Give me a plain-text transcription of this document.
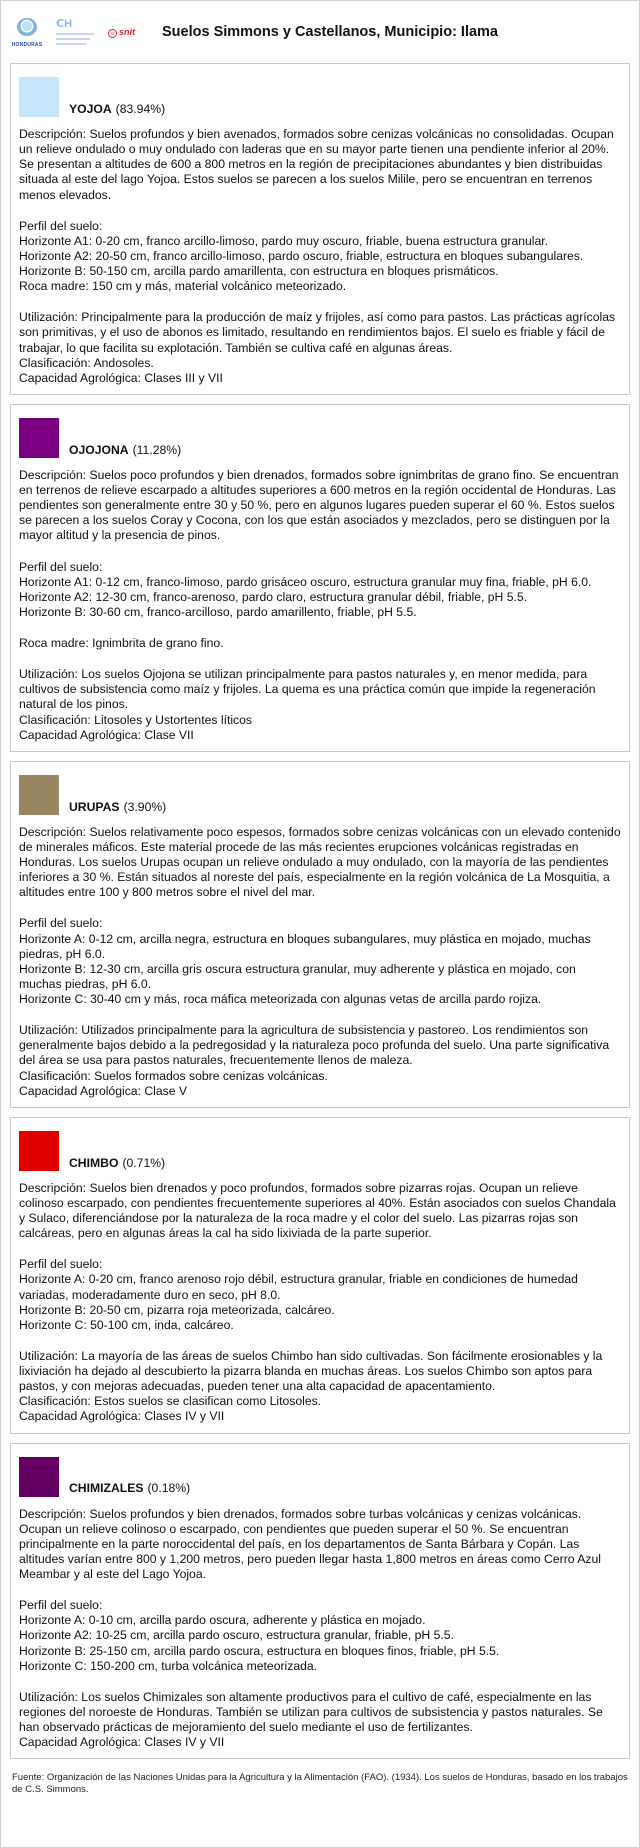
HONDURAS
ⅭH
snit Suelos Simmons y Castellanos, Municipio: Ilama
YOJOA (83.94%)
Descripción: Suelos profundos y bien avenados, formados sobre cenizas volcánicas no consolidadas. Ocupan un relieve ondulado o muy ondulado con laderas que en su mayor parte tienen una pendiente inferior al 20%. Se presentan a altitudes de 600 a 800 metros en la región de precipitaciones abundantes y bien distribuidas situada al este del lago Yojoa. Estos suelos se parecen a los suelos Milile, pero se encuentran en terrenos menos elevados.
Perfil del suelo:
Horizonte A1: 0-20 cm, franco arcillo-limoso, pardo muy oscuro, friable, buena estructura granular.
Horizonte A2: 20-50 cm, franco arcillo-limoso, pardo oscuro, friable, estructura en bloques subangulares.
Horizonte B: 50-150 cm, arcilla pardo amarillenta, con estructura en bloques prismáticos.
Roca madre: 150 cm y más, material volcánico meteorizado.
Utilización: Principalmente para la producción de maíz y frijoles, así como para pastos. Las prácticas agrícolas son primitivas, y el uso de abonos es limitado, resultando en rendimientos bajos. El suelo es friable y fácil de trabajar, lo que facilita su explotación. También se cultiva café en algunas áreas.
Clasificación: Andosoles.
Capacidad Agrológica: Clases III y VII
OJOJONA (11.28%)
Descripción: Suelos poco profundos y bien drenados, formados sobre ignimbritas de grano fino. Se encuentran en terrenos de relieve escarpado a altitudes superiores a 600 metros en la región occidental de Honduras. Las pendientes son generalmente entre 30 y 50 %, pero en algunos lugares pueden superar el 60 %. Estos suelos se parecen a los suelos Coray y Cocona, con los que están asociados y mezclados, pero se distinguen por la mayor altitud y la presencia de pinos.
Perfil del suelo:
Horizonte A1: 0-12 cm, franco-limoso, pardo grisáceo oscuro, estructura granular muy fina, friable, pH 6.0.
Horizonte A2: 12-30 cm, franco-arenoso, pardo claro, estructura granular débil, friable, pH 5.5.
Horizonte B: 30-60 cm, franco-arcilloso, pardo amarillento, friable, pH 5.5.
Roca madre: Ignimbrita de grano fino.
Utilización: Los suelos Ojojona se utilizan principalmente para pastos naturales y, en menor medida, para cultivos de subsistencia como maíz y frijoles. La quema es una práctica común que impide la regeneración natural de los pinos.
Clasificación: Litosoles y Ustortentes líticos
Capacidad Agrológica: Clase VII
URUPAS (3.90%)
Descripción: Suelos relativamente poco espesos, formados sobre cenizas volcánicas con un elevado contenido de minerales máficos. Este material procede de las más recientes erupciones volcánicas registradas en Honduras. Los suelos Urupas ocupan un relieve ondulado a muy ondulado, con la mayoría de las pendientes inferiores a 30 %. Están situados al noreste del país, especialmente en la región volcánica de La Mosquitia, a altitudes entre 100 y 800 metros sobre el nivel del mar.
Perfil del suelo:
Horizonte A: 0-12 cm, arcilla negra, estructura en bloques subangulares, muy plástica en mojado, muchas piedras, pH 6.0.
Horizonte B: 12-30 cm, arcilla gris oscura estructura granular, muy adherente y plástica en mojado, con muchas piedras, pH 6.0.
Horizonte C: 30-40 cm y más, roca máfica meteorizada con algunas vetas de arcilla pardo rojiza.
Utilización: Utilizados principalmente para la agricultura de subsistencia y pastoreo. Los rendimientos son generalmente bajos debido a la pedregosidad y la naturaleza poco profunda del suelo. Una parte significativa del área se usa para pastos naturales, frecuentemente llenos de maleza.
Clasificación: Suelos formados sobre cenizas volcánicas.
Capacidad Agrológica: Clase V
CHIMBO (0.71%)
Descripción: Suelos bien drenados y poco profundos, formados sobre pizarras rojas. Ocupan un relieve colinoso escarpado, con pendientes frecuentemente superiores al 40%. Están asociados con suelos Chandala y Sulaco, diferenciándose por la naturaleza de la roca madre y el color del suelo. Las pizarras rojas son calcáreas, pero en algunas áreas la cal ha sido lixiviada de la parte superior.
Perfil del suelo:
Horizonte A: 0-20 cm, franco arenoso rojo débil, estructura granular, friable en condiciones de humedad variadas, moderadamente duro en seco, pH 8.0.
Horizonte B: 20-50 cm, pizarra roja meteorizada, calcáreo.
Horizonte C: 50-100 cm, inda, calcáreo.
Utilización: La mayoría de las áreas de suelos Chimbo han sido cultivadas. Son fácilmente erosionables y la lixiviación ha dejado al descubierto la pizarra blanda en muchas áreas. Los suelos Chimbo son aptos para pastos, y con mejoras adecuadas, pueden tener una alta capacidad de apacentamiento.
Clasificación: Estos suelos se clasifican como Litosoles.
Capacidad Agrológica: Clases IV y VII
CHIMIZALES (0.18%)
Descripción: Suelos profundos y bien drenados, formados sobre turbas volcánicas y cenizas volcánicas. Ocupan un relieve colinoso o escarpado, con pendientes que pueden superar el 50 %. Se encuentran principalmente en la parte noroccidental del país, en los departamentos de Santa Bárbara y Copán. Las altitudes varían entre 800 y 1,200 metros, pero pueden llegar hasta 1,800 metros en áreas como Cerro Azul Meambar y al este del Lago Yojoa.
Perfil del suelo:
Horizonte A: 0-10 cm, arcilla pardo oscura, adherente y plástica en mojado.
Horizonte A2: 10-25 cm, arcilla pardo oscuro, estructura granular, friable, pH 5.5.
Horizonte B: 25-150 cm, arcilla pardo oscura, estructura en bloques finos, friable, pH 5.5.
Horizonte C: 150-200 cm, turba volcánica meteorizada.
Utilización: Los suelos Chimizales son altamente productivos para el cultivo de café, especialmente en las regiones del noroeste de Honduras. También se utilizan para cultivos de subsistencia y pastos naturales. Se han observado prácticas de mejoramiento del suelo mediante el uso de fertilizantes.
Capacidad Agrológica: Clases IV y VII
Fuente: Organización de las Naciones Unidas para la Agricultura y la Alimentación (FAO). (1934). Los suelos de Honduras, basado en los trabajos de C.S. Simmons.
